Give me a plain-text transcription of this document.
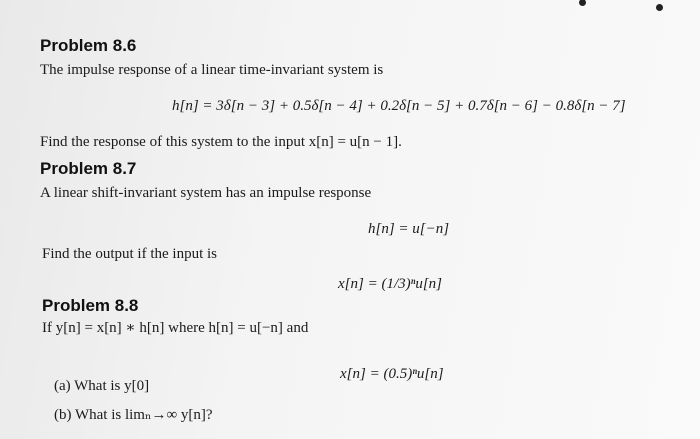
Problem 8.6
The impulse response of a linear time-invariant system is
h[n] = 3δ[n − 3] + 0.5δ[n − 4] + 0.2δ[n − 5] + 0.7δ[n − 6] − 0.8δ[n − 7]
Find the response of this system to the input x[n] = u[n − 1].
Problem 8.7
A linear shift-invariant system has an impulse response
h[n] = u[−n]
Find the output if the input is
x[n] = (1/3)ⁿu[n]
Problem 8.8
If y[n] = x[n] ∗ h[n] where h[n] = u[−n] and
x[n] = (0.5)ⁿu[n]
(a) What is y[0]
(b) What is limₙ→∞ y[n]?
